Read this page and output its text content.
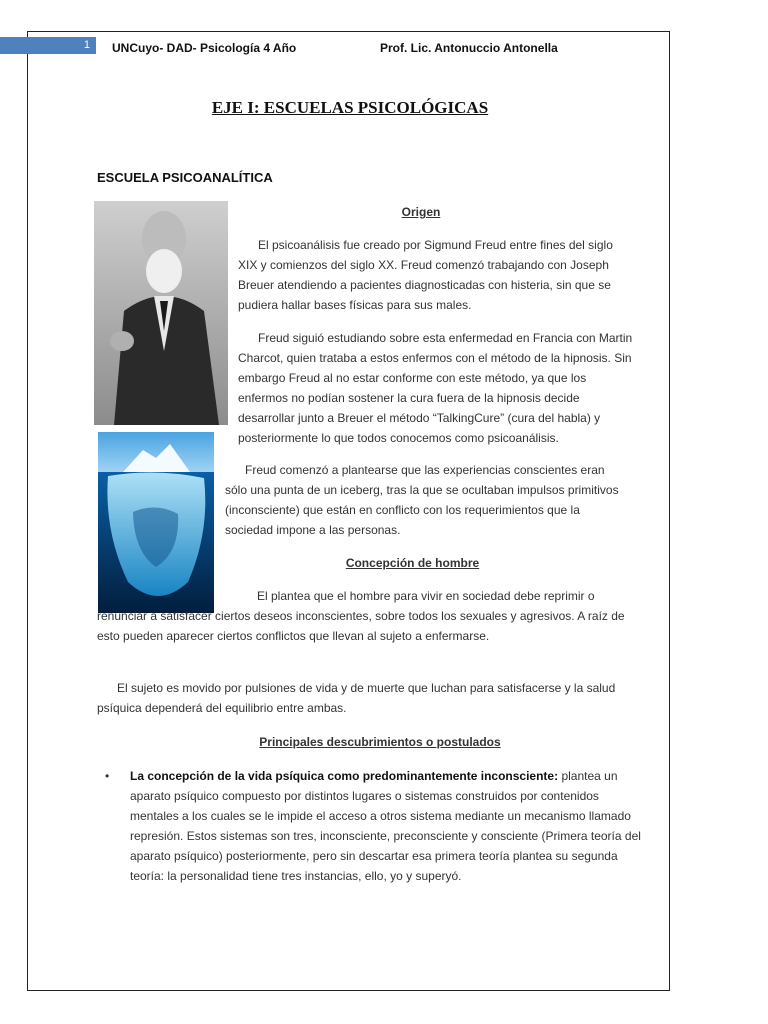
1	UNCuyo- DAD- Psicología 4 Año	Prof. Lic. Antonuccio Antonella
EJE I: ESCUELAS PSICOLÓGICAS
ESCUELA PSICOANALÍTICA
Origen

El psicoanálisis fue creado por Sigmund Freud entre fines del siglo XIX y comienzos del siglo XX. Freud comenzó trabajando con Joseph Breuer atendiendo a pacientes diagnosticadas con histeria, sin que se pudiera hallar bases físicas para sus males.

Freud siguió estudiando sobre esta enfermedad en Francia con Martin Charcot, quien trataba a estos enfermos con el método de la hipnosis. Sin embargo Freud al no estar conforme con este método, ya que los enfermos no podían sostener la cura fuera de la hipnosis decide desarrollar junto a Breuer el método “TalkingCure” (cura del habla) y posteriormente lo que todos conocemos como psicoanálisis.

Freud comenzó a plantearse que las experiencias conscientes eran sólo una punta de un iceberg, tras la que se ocultaban impulsos primitivos (inconsciente) que están en conflicto con los requerimientos que la sociedad impone a las personas.

Concepción de hombre

El plantea que el hombre para vivir en sociedad debe reprimir o renunciar a satisfacer ciertos deseos inconscientes, sobre todos los sexuales y agresivos. A raíz de esto pueden aparecer ciertos conflictos que llevan al sujeto a enfermarse.

El sujeto es movido por pulsiones de vida y de muerte que luchan para satisfacerse y la salud psíquica dependerá del equilibrio entre ambas.

Principales descubrimientos o postulados
• La concepción de la vida psíquica como predominantemente inconsciente: plantea un aparato psíquico compuesto por distintos lugares o sistemas construidos por contenidos mentales a los cuales se le impide el acceso a otros sistema mediante un mecanismo llamado represión. Estos sistemas son tres, inconsciente, preconsciente y consciente (Primera teoría del aparato psíquico) posteriormente, pero sin descartar esa primera teoría plantea su segunda teoría: la personalidad tiene tres instancias, ello, yo y superyó.
